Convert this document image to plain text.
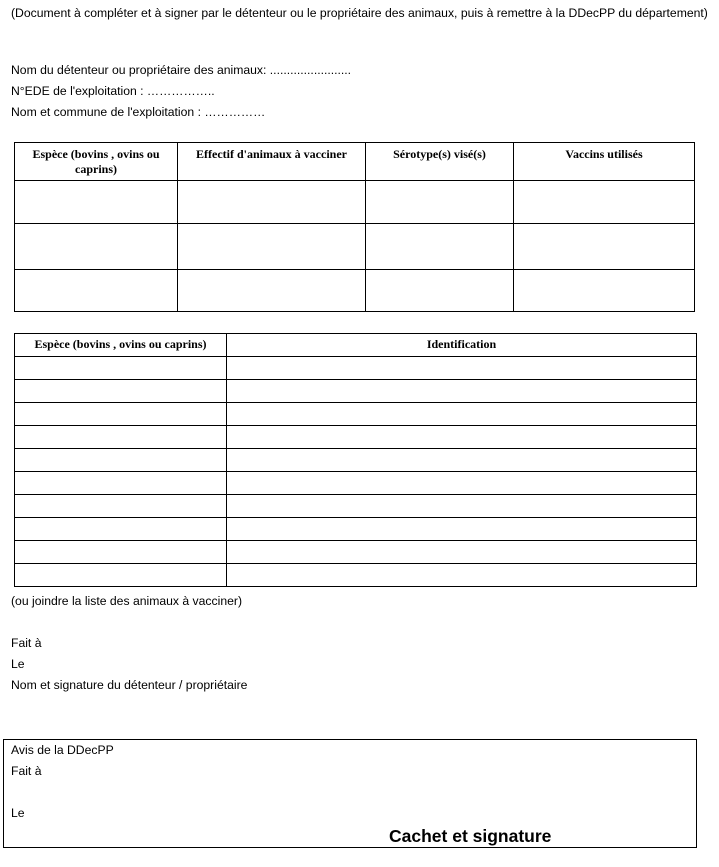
(Document à compléter et à signer par le détenteur ou le propriétaire des animaux, puis à remettre à la DDecPP du département)
Nom du détenteur ou propriétaire des animaux: ........................
N°EDE de l'exploitation : ……………..
Nom et commune de l'exploitation : ……………
Espèce (bovins , ovins ou caprins)	Effectif d'animaux à vacciner	Sérotype(s) visé(s)	Vaccins utilisés

Espèce (bovins , ovins ou caprins)	Identification

(ou joindre la liste des animaux à vacciner)
Fait à
Le
Nom et signature du détenteur / propriétaire
Avis de la DDecPP
Fait à
Le
Cachet et signature
